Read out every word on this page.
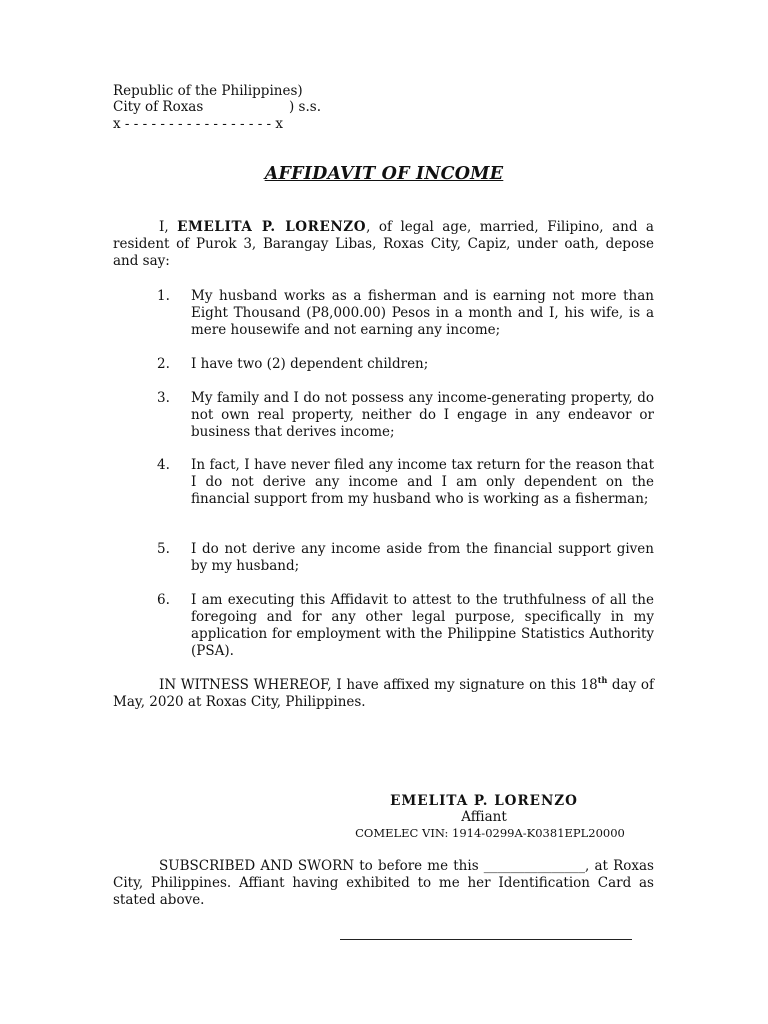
Republic of the Philippines)
City of Roxas	) s.s.
x - - - - - - - - - - - - - - - - - x
AFFIDAVIT OF INCOME
I, EMELITA P. LORENZO, of legal age, married, Filipino, and a resident of Purok 3, Barangay Libas, Roxas City, Capiz, under oath, depose and say:
1.	My husband works as a fisherman and is earning not more than Eight Thousand (P8,000.00) Pesos in a month and I, his wife, is a mere housewife and not earning any income;
2.	I have two (2) dependent children;
3.	My family and I do not possess any income-generating property, do not own real property, neither do I engage in any endeavor or business that derives income;
4.	In fact, I have never filed any income tax return for the reason that I do not derive any income and I am only dependent on the financial support from my husband who is working as a fisherman;
5.	I do not derive any income aside from the financial support given by my husband;
6.	I am executing this Affidavit to attest to the truthfulness of all the foregoing and for any other legal purpose, specifically in my application for employment with the Philippine Statistics Authority (PSA).
IN WITNESS WHEREOF, I have affixed my signature on this 18th day of May, 2020 at Roxas City, Philippines.
EMELITA P. LORENZO
Affiant
COMELEC VIN: 1914-0299A-K0381EPL20000
SUBSCRIBED AND SWORN to before me this _______________, at Roxas City, Philippines. Affiant having exhibited to me her Identification Card as stated above.
